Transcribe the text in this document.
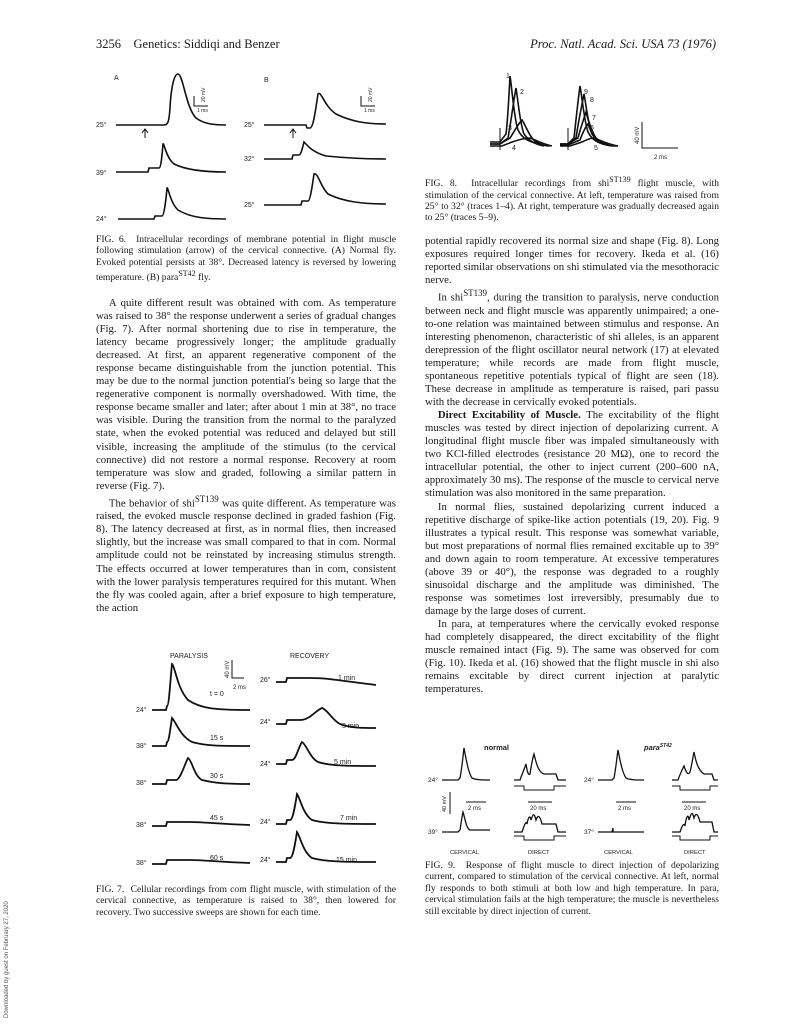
3256 Genetics: Siddiqi and Benzer	Proc. Natl. Acad. Sci. USA 73 (1976)
A	B
20 mV
1 ms
20 mV
1 ms
25°
39°
24°
25°
32°
25°
FIG. 6. Intracellular recordings of membrane potential in flight muscle following stimulation (arrow) of the cervical connective. (A) Normal fly. Evoked potential persists at 38°. Decreased latency is reversed by lowering temperature. (B) para$^{ST42}$ fly.

A quite different result was obtained with com. As temperature was raised to 38° the response underwent a series of gradual changes (Fig. 7). After normal shortening due to rise in temperature, the latency became progressively longer; the amplitude gradually decreased. At first, an apparent regenerative component of the response became distinguishable from the junction potential. This may be due to the normal junction potential's being so large that the regenerative component is normally overshadowed. With time, the response became smaller and later; after about 1 min at 38°, no trace was visible. During the transition from the normal to the paralyzed state, when the evoked potential was reduced and delayed but still visible, increasing the amplitude of the stimulus (to the cervical connective) did not restore a normal response. Recovery at room temperature was slow and graded, following a similar pattern in reverse (Fig. 7).

The behavior of shi$^{ST139}$ was quite different. As temperature was raised, the evoked muscle response declined in graded fashion (Fig. 8). The latency decreased at first, as in normal flies, then increased slightly, but the increase was small compared to that in com. Normal amplitude could not be reinstated by increasing stimulus strength. The effects occurred at lower temperatures than in com, consistent with the lower paralysis temperatures required for this mutant. When the fly was cooled again, after a brief exposure to high temperature, the action

PARALYSIS	RECOVERY
40 mV
2 ms
24°
t = 0
38°
15 s
38°
30 s
38°
45 s
38°
60 s
26°	1 min
24°
3 min
24°	5 min
24°
7 min
24°	15 min
FIG. 7. Cellular recordings from com flight muscle, with stimulation of the cervical connective, as temperature is raised to 38°, then lowered for recovery. Two successive sweeps are shown for each time.
1
2
3
4
9
8
7
6
5
40 mV
2 ms
FIG. 8. Intracellular recordings from shi$^{ST139}$ flight muscle, with stimulation of the cervical connective. At left, temperature was raised from 25° to 32° (traces 1–4). At right, temperature was gradually decreased again to 25° (traces 5–9).

potential rapidly recovered its normal size and shape (Fig. 8). Long exposures required longer times for recovery. Ikeda et al. (16) reported similar observations on shi stimulated via the mesothoracic nerve.

In shi$^{ST139}$, during the transition to paralysis, nerve conduction between neck and flight muscle was apparently unimpaired; a one-to-one relation was maintained between stimulus and response. An interesting phenomenon, characteristic of shi alleles, is an apparent derepression of the flight oscillator neural network (17) at elevated temperature; while records are made from flight muscle, spontaneous repetitive potentials typical of flight are seen (18). These decrease in amplitude as temperature is raised, pari passu with the decrease in cervically evoked potentials.

Direct Excitability of Muscle. The excitability of the flight muscles was tested by direct injection of depolarizing current. A longitudinal flight muscle fiber was impaled simultaneously with two KCl-filled electrodes (resistance 20 MΩ), one to record the intracellular potential, the other to inject current (200–600 nA, approximately 30 ms). The response of the muscle to cervical nerve stimulation was also monitored in the same preparation.

In normal flies, sustained depolarizing current induced a repetitive discharge of spike-like action potentials (19, 20). Fig. 9 illustrates a typical result. This response was somewhat variable, but most preparations of normal flies remained excitable up to 39° and down again to room temperature. At excessive temperatures (above 39 or 40°), the response was degraded to a roughly sinusoidal discharge and the amplitude was diminished. The response was sometimes lost irreversibly, presumably due to damage by the large doses of current.

In para, at temperatures where the cervically evoked response had completely disappeared, the direct excitability of the flight muscle remained intact (Fig. 9). The same was observed for com (Fig. 10). Ikeda et al. (16) showed that the flight muscle in shi also remains excitable by direct current injection at paralytic temperatures.

normal	para$^{ST42}$
24°
40 mV	2 ms	20 ms	2 ms	20 ms
39°
24°
37°
CERVICAL	DIRECT	CERVICAL	DIRECT
FIG. 9. Response of flight muscle to direct injection of depolarizing current, compared to stimulation of the cervical connective. At left, normal fly responds to both stimuli at both low and high temperature. In para, cervical stimulation fails at the high temperature; the muscle is nevertheless still excitable by direct injection of current.
Downloaded by guest on February 27, 2020
